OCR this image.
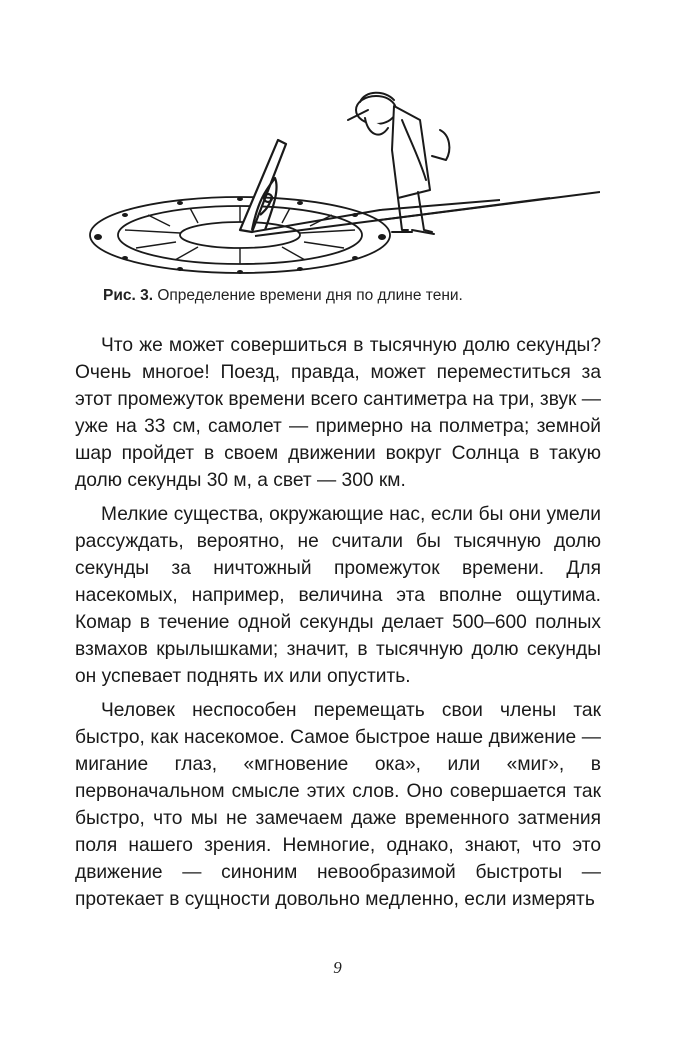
Рис. 3. Определение времени дня по длине тени.

Что же может совершиться в тысячную долю секунды? Очень многое! Поезд, правда, может переместиться за этот промежуток времени всего сантиметра на три, звук — уже на 33 см, самолет — примерно на полметра; земной шар пройдет в своем движении вокруг Солнца в такую долю секунды 30 м, а свет — 300 км.

Мелкие существа, окружающие нас, если бы они умели рассуждать, вероятно, не считали бы тысячную долю секунды за ничтожный промежуток времени. Для насекомых, например, величина эта вполне ощутима. Комар в течение одной секунды делает 500–600 полных взмахов крылышками; значит, в тысячную долю секунды он успевает поднять их или опустить.

Человек неспособен перемещать свои члены так быстро, как насекомое. Самое быстрое наше движение — мигание глаз, «мгновение ока», или «миг», в первоначальном смысле этих слов. Оно совершается так быстро, что мы не замечаем даже временного затмения поля нашего зрения. Немногие, однако, знают, что это движение — синоним невообразимой быстроты — протекает в сущности довольно медленно, если измерять

9
